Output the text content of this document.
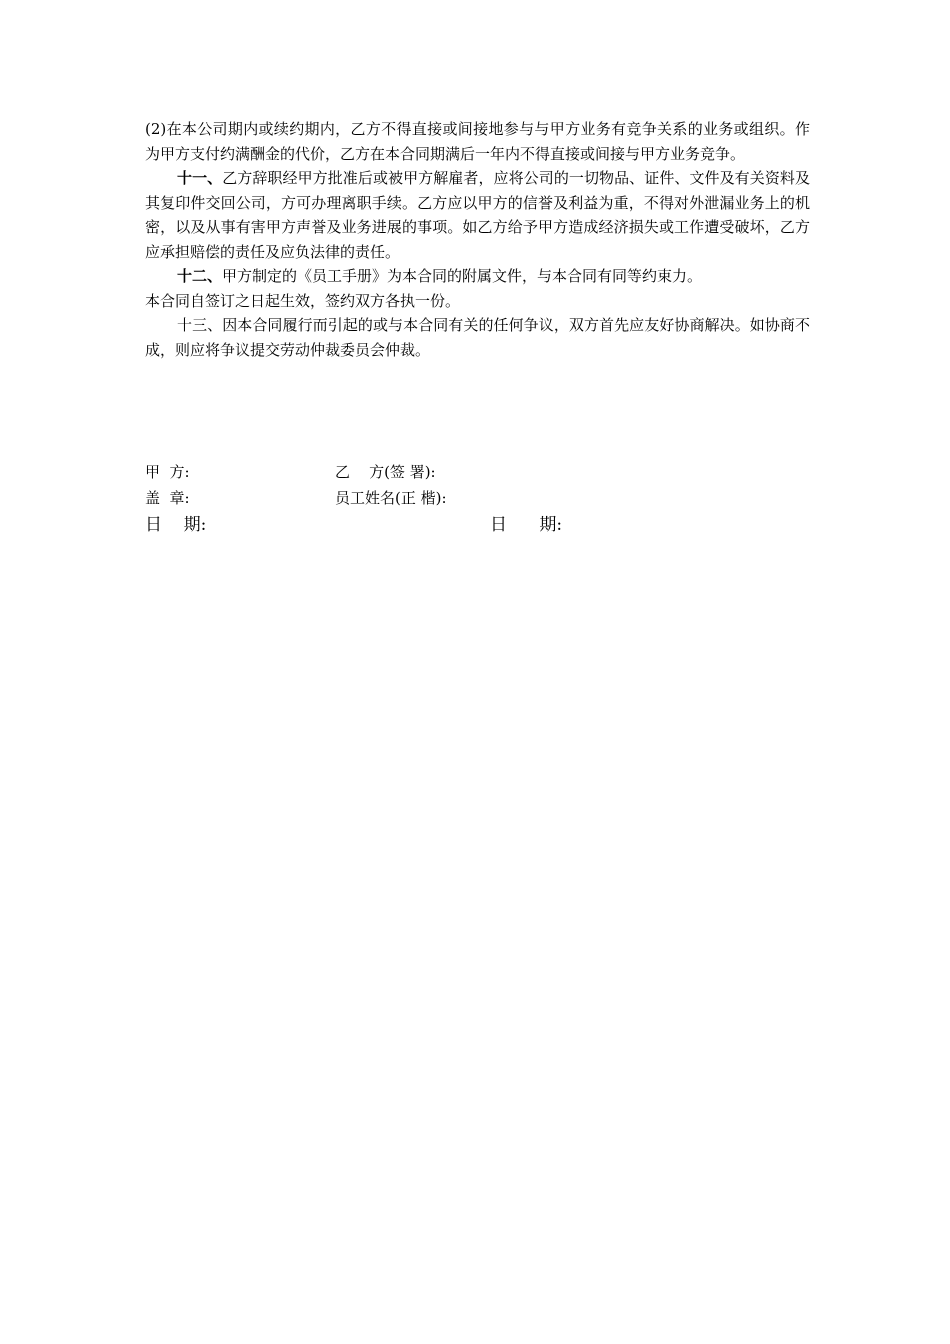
(2)在本公司期内或续约期内，乙方不得直接或间接地参与与甲方业务有竞争关系的业务或组织。作为甲方支付约满酬金的代价，乙方在本合同期满后一年内不得直接或间接与甲方业务竞争。

十一、乙方辞职经甲方批准后或被甲方解雇者，应将公司的一切物品、证件、文件及有关资料及其复印件交回公司，方可办理离职手续。乙方应以甲方的信誉及利益为重，不得对外泄漏业务上的机密，以及从事有害甲方声誉及业务进展的事项。如乙方给予甲方造成经济损失或工作遭受破坏，乙方应承担赔偿的责任及应负法律的责任。

十二、甲方制定的《员工手册》为本合同的附属文件，与本合同有同等约束力。

本合同自签订之日起生效，签约双方各执一份。

十三、因本合同履行而引起的或与本合同有关的任何争议，双方首先应友好协商解决。如协商不成，则应将争议提交劳动仲裁委员会仲裁。

甲  方:	乙    方(签 署):
盖  章:	员工姓名(正 楷):
日    期:	日      期:
